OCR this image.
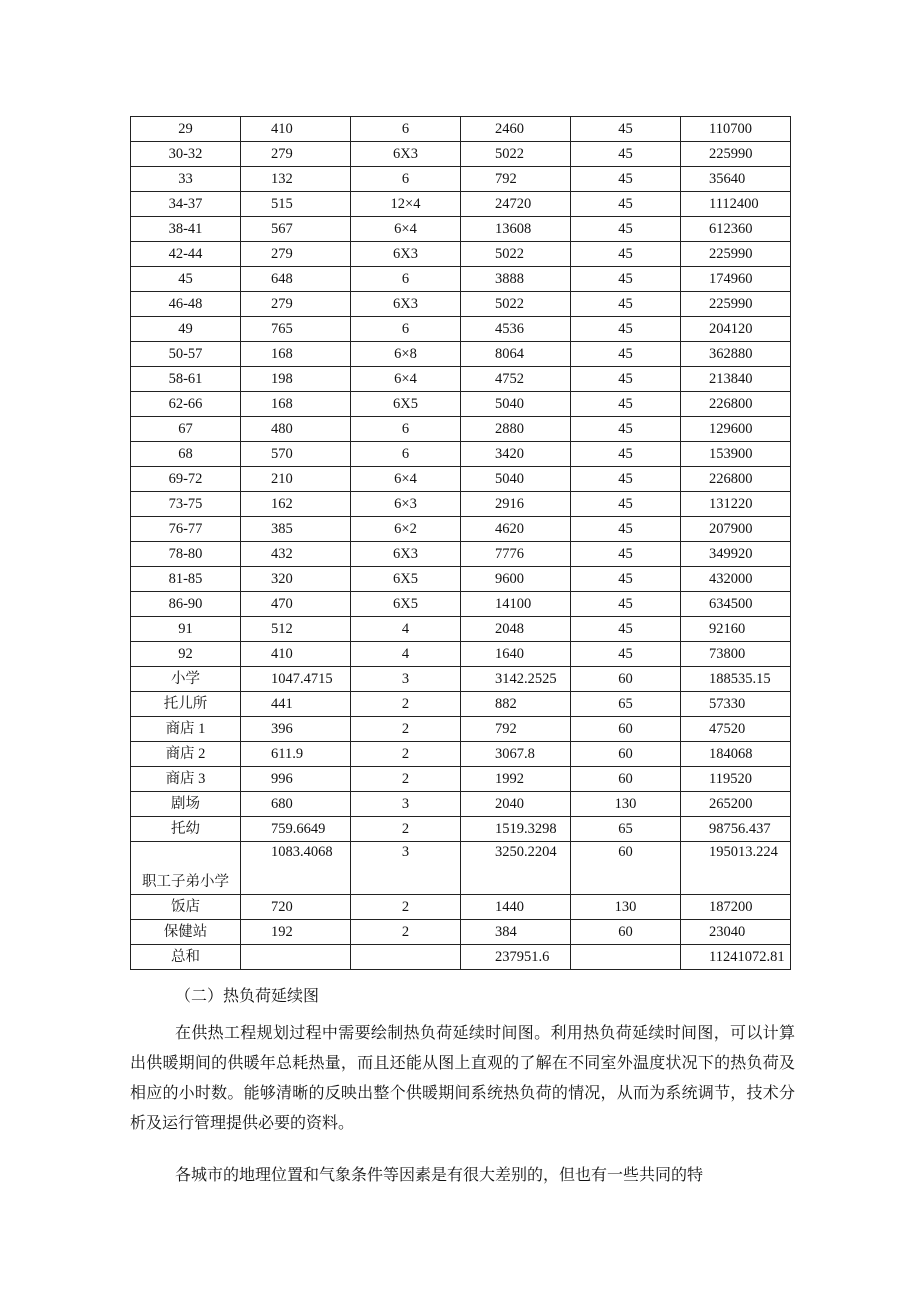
29	410	6	2460	45	110700
30-32	279	6X3	5022	45	225990
33	132	6	792	45	35640
34-37	515	12×4	24720	45	1112400
38-41	567	6×4	13608	45	612360
42-44	279	6X3	5022	45	225990
45	648	6	3888	45	174960
46-48	279	6X3	5022	45	225990
49	765	6	4536	45	204120
50-57	168	6×8	8064	45	362880
58-61	198	6×4	4752	45	213840
62-66	168	6X5	5040	45	226800
67	480	6	2880	45	129600
68	570	6	3420	45	153900
69-72	210	6×4	5040	45	226800
73-75	162	6×3	2916	45	131220
76-77	385	6×2	4620	45	207900
78-80	432	6X3	7776	45	349920
81-85	320	6X5	9600	45	432000
86-90	470	6X5	14100	45	634500
91	512	4	2048	45	92160
92	410	4	1640	45	73800
小学	1047.4715	3	3142.2525	60	188535.15
托儿所	441	2	882	65	57330
商店 1	396	2	792	60	47520
商店 2	611.9	2	3067.8	60	184068
商店 3	996	2	1992	60	119520
剧场	680	3	2040	130	265200
托幼	759.6649	2	1519.3298	65	98756.437
职工子弟小学	1083.4068	3	3250.2204	60	195013.224
饭店	720	2	1440	130	187200
保健站	192	2	384	60	23040
总和			237951.6		11241072.81
（二）热负荷延续图
在供热工程规划过程中需要绘制热负荷延续时间图。利用热负荷延续时间图，可以计算出供暖期间的供暖年总耗热量，而且还能从图上直观的了解在不同室外温度状况下的热负荷及相应的小时数。能够清晰的反映出整个供暖期间系统热负荷的情况，从而为系统调节，技术分析及运行管理提供必要的资料。
各城市的地理位置和气象条件等因素是有很大差别的，但也有一些共同的特
